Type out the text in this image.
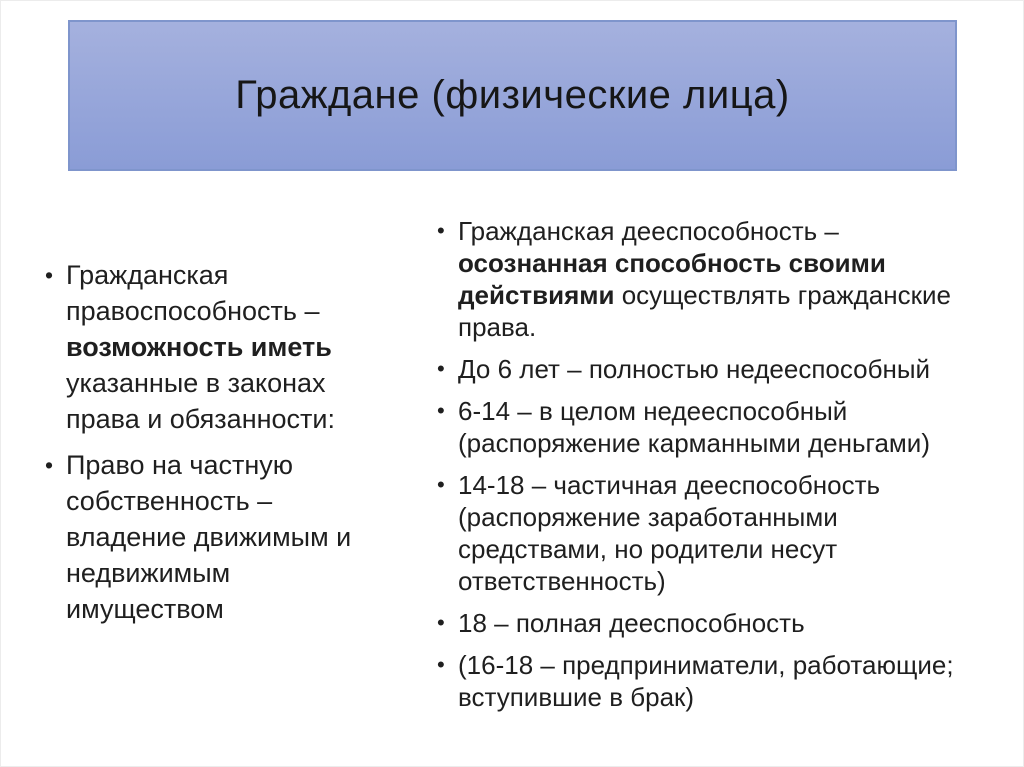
Граждане (физические лица)
• Гражданская
правоспособность –
возможность иметь
указанные в законах
права и обязанности:
• Право на частную
собственность –
владение движимым и
недвижимым
имуществом
• Гражданская дееспособность –
осознанная способность своими
действиями осуществлять гражданские
права.
• До 6 лет – полностью недееспособный
• 6-14 – в целом недееспособный
(распоряжение карманными деньгами)
• 14-18 – частичная дееспособность
(распоряжение заработанными
средствами, но родители несут
ответственность)
• 18 – полная дееспособность
• (16-18 – предприниматели, работающие;
вступившие в брак)
